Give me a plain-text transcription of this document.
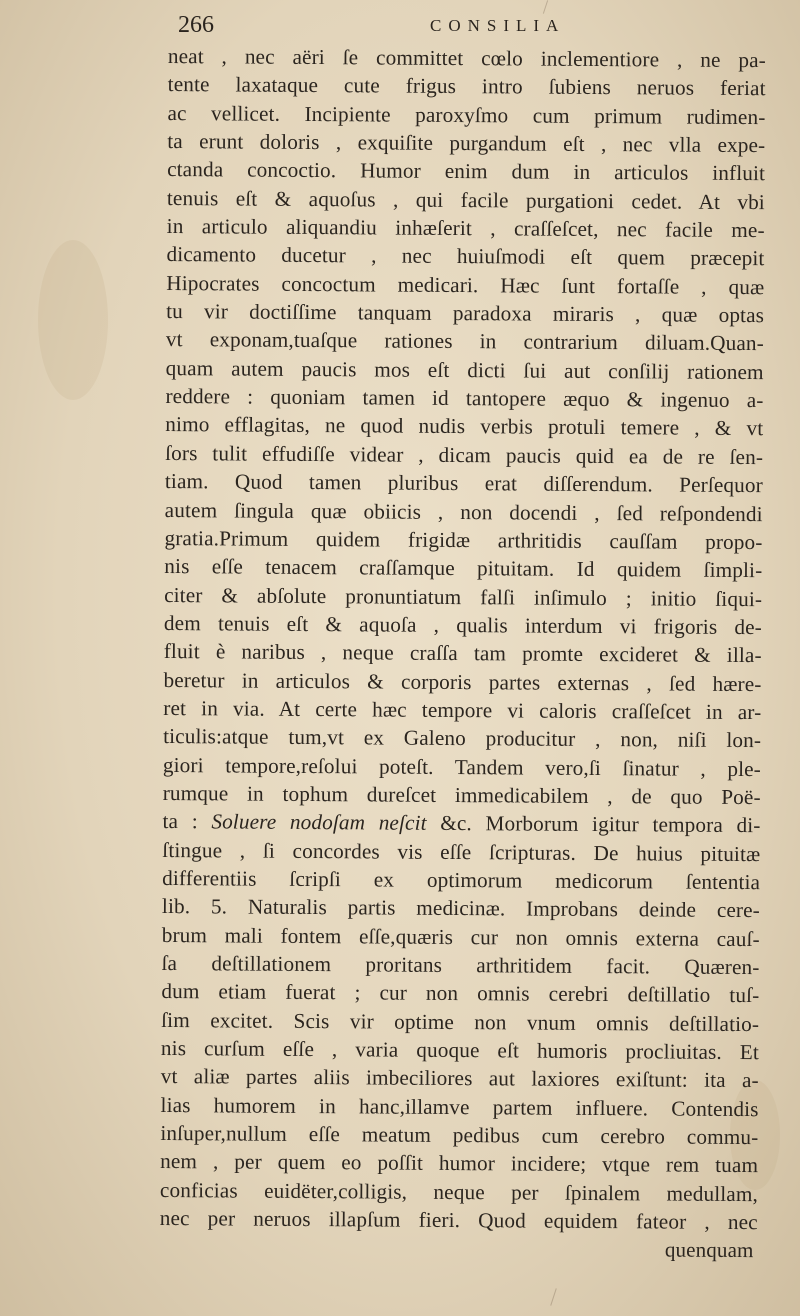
266	CONSILIA
neat , nec aëri ſe committet cœlo inclementiore , ne pa-
tente laxataque cute frigus intro ſubiens neruos feriat
ac vellicet. Incipiente paroxyſmo cum primum rudimen-
ta erunt doloris , exquiſite purgandum eſt , nec vlla expe-
ctanda concoctio. Humor enim dum in articulos influit
tenuis eſt & aquoſus , qui facile purgationi cedet. At vbi
in articulo aliquandiu inhæſerit , craſſeſcet, nec facile me-
dicamento ducetur , nec huiuſmodi eſt quem præcepit
Hipocrates concoctum medicari. Hæc ſunt fortaſſe , quæ
tu vir doctiſſime tanquam paradoxa miraris , quæ optas
vt exponam,tuaſque rationes in contrarium diluam.Quan-
quam autem paucis mos eſt dicti ſui aut conſilij rationem
reddere : quoniam tamen id tantopere æquo & ingenuo a-
nimo efflagitas, ne quod nudis verbis protuli temere , & vt
ſors tulit effudiſſe videar , dicam paucis quid ea de re ſen-
tiam. Quod tamen pluribus erat diſſerendum. Perſequor
autem ſingula quæ obiicis , non docendi , ſed reſpondendi
gratia.Primum quidem frigidæ arthritidis cauſſam propo-
nis eſſe tenacem craſſamque pituitam. Id quidem ſimpli-
citer & abſolute pronuntiatum falſi inſimulo ; initio ſiqui-
dem tenuis eſt & aquoſa , qualis interdum vi frigoris de-
fluit è naribus , neque craſſa tam promte excideret & illa-
beretur in articulos & corporis partes externas , ſed hære-
ret in via. At certe hæc tempore vi caloris craſſeſcet in ar-
ticulis:atque tum,vt ex Galeno producitur , non, niſi lon-
giori tempore,reſolui poteſt. Tandem vero,ſi ſinatur , ple-
rumque in tophum dureſcet immedicabilem , de quo Poë-
ta : Soluere nodoſam neſcit &c. Morborum igitur tempora di-
ſtingue , ſi concordes vis eſſe ſcripturas. De huius pituitæ
differentiis ſcripſi ex optimorum medicorum ſententia
lib. 5. Naturalis partis medicinæ. Improbans deinde cere-
brum mali fontem eſſe,quæris cur non omnis externa cauſ-
ſa deſtillationem proritans arthritidem facit. Quæren-
dum etiam fuerat ; cur non omnis cerebri deſtillatio tuſ-
ſim excitet. Scis vir optime non vnum omnis deſtillatio-
nis curſum eſſe , varia quoque eſt humoris procliuitas. Et
vt aliæ partes aliis imbeciliores aut laxiores exiſtunt: ita a-
lias humorem in hanc,illamve partem influere. Contendis
inſuper,nullum eſſe meatum pedibus cum cerebro commu-
nem , per quem eo poſſit humor incidere; vtque rem tuam
conficias euidëter,colligis, neque per ſpinalem medullam,
nec per neruos illapſum fieri. Quod equidem fateor , nec
quenquam
